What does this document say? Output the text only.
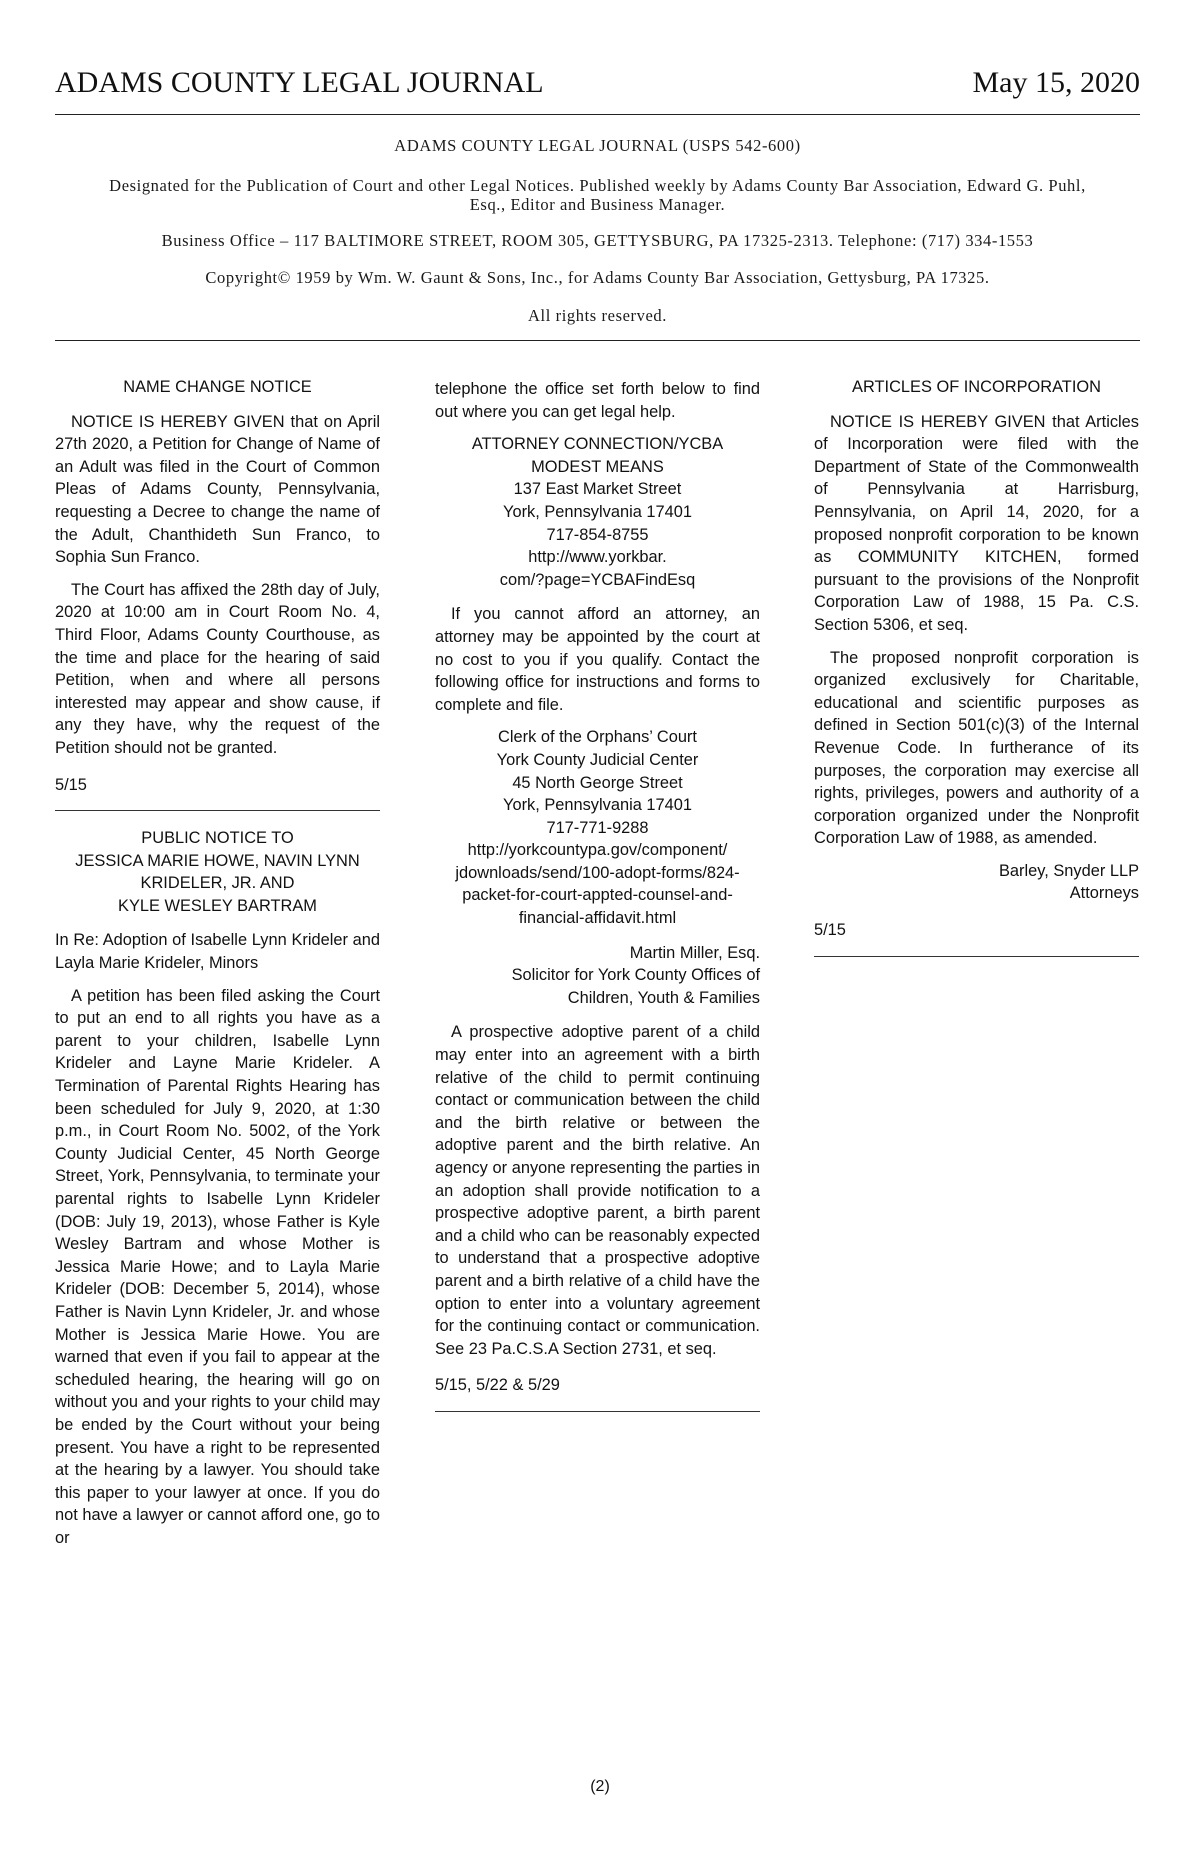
ADAMS COUNTY LEGAL JOURNAL	May 15, 2020

ADAMS COUNTY LEGAL JOURNAL (USPS 542-600)

Designated for the Publication of Court and other Legal Notices. Published weekly by Adams County Bar Association, Edward G. Puhl, Esq., Editor and Business Manager.

Business Office – 117 BALTIMORE STREET, ROOM 305, GETTYSBURG, PA 17325-2313. Telephone: (717) 334-1553

Copyright© 1959 by Wm. W. Gaunt & Sons, Inc., for Adams County Bar Association, Gettysburg, PA 17325.

All rights reserved.

NAME CHANGE NOTICE

NOTICE IS HEREBY GIVEN that on April 27th 2020, a Petition for Change of Name of an Adult was filed in the Court of Common Pleas of Adams County, Pennsylvania, requesting a Decree to change the name of the Adult, Chanthideth Sun Franco, to Sophia Sun Franco.

The Court has affixed the 28th day of July, 2020 at 10:00 am in Court Room No. 4, Third Floor, Adams County Courthouse, as the time and place for the hearing of said Petition, when and where all persons interested may appear and show cause, if any they have, why the request of the Petition should not be granted.

5/15

PUBLIC NOTICE TO

JESSICA MARIE HOWE, NAVIN LYNN

KRIDELER, JR. AND

KYLE WESLEY BARTRAM

In Re: Adoption of Isabelle Lynn Krideler and Layla Marie Krideler, Minors

A petition has been filed asking the Court to put an end to all rights you have as a parent to your children, Isabelle Lynn Krideler and Layne Marie Krideler. A Termination of Parental Rights Hearing has been scheduled for July 9, 2020, at 1:30 p.m., in Court Room No. 5002, of the York County Judicial Center, 45 North George Street, York, Pennsylvania, to terminate your parental rights to Isabelle Lynn Krideler (DOB: July 19, 2013), whose Father is Kyle Wesley Bartram and whose Mother is Jessica Marie Howe; and to Layla Marie Krideler (DOB: December 5, 2014), whose Father is Navin Lynn Krideler, Jr. and whose Mother is Jessica Marie Howe. You are warned that even if you fail to appear at the scheduled hearing, the hearing will go on without you and your rights to your child may be ended by the Court without your being present. You have a right to be represented at the hearing by a lawyer. You should take this paper to your lawyer at once. If you do not have a lawyer or cannot afford one, go to or

telephone the office set forth below to find out where you can get legal help.

ATTORNEY CONNECTION/YCBA

MODEST MEANS

137 East Market Street

York, Pennsylvania 17401

717-854-8755

http://www.yorkbar.

com/?page=YCBAFindEsq

If you cannot afford an attorney, an attorney may be appointed by the court at no cost to you if you qualify. Contact the following office for instructions and forms to complete and file.

Clerk of the Orphans’ Court

York County Judicial Center

45 North George Street

York, Pennsylvania 17401

717-771-9288

http://yorkcountypa.gov/component/

jdownloads/send/100-adopt-forms/824-

packet-for-court-appted-counsel-and-

financial-affidavit.html

Martin Miller, Esq.

Solicitor for York County Offices of

Children, Youth & Families

A prospective adoptive parent of a child may enter into an agreement with a birth relative of the child to permit continuing contact or communication between the child and the birth relative or between the adoptive parent and the birth relative. An agency or anyone representing the parties in an adoption shall provide notification to a prospective adoptive parent, a birth parent and a child who can be reasonably expected to understand that a prospective adoptive parent and a birth relative of a child have the option to enter into a voluntary agreement for the continuing contact or communication. See 23 Pa.C.S.A Section 2731, et seq.

5/15, 5/22 & 5/29

ARTICLES OF INCORPORATION

NOTICE IS HEREBY GIVEN that Articles of Incorporation were filed with the Department of State of the Commonwealth of Pennsylvania at Harrisburg, Pennsylvania, on April 14, 2020, for a proposed nonprofit corporation to be known as COMMUNITY KITCHEN, formed pursuant to the provisions of the Nonprofit Corporation Law of 1988, 15 Pa. C.S. Section 5306, et seq.

The proposed nonprofit corporation is organized exclusively for Charitable, educational and scientific purposes as defined in Section 501(c)(3) of the Internal Revenue Code. In furtherance of its purposes, the corporation may exercise all rights, privileges, powers and authority of a corporation organized under the Nonprofit Corporation Law of 1988, as amended.

Barley, Snyder LLP

Attorneys

5/15

(2)
